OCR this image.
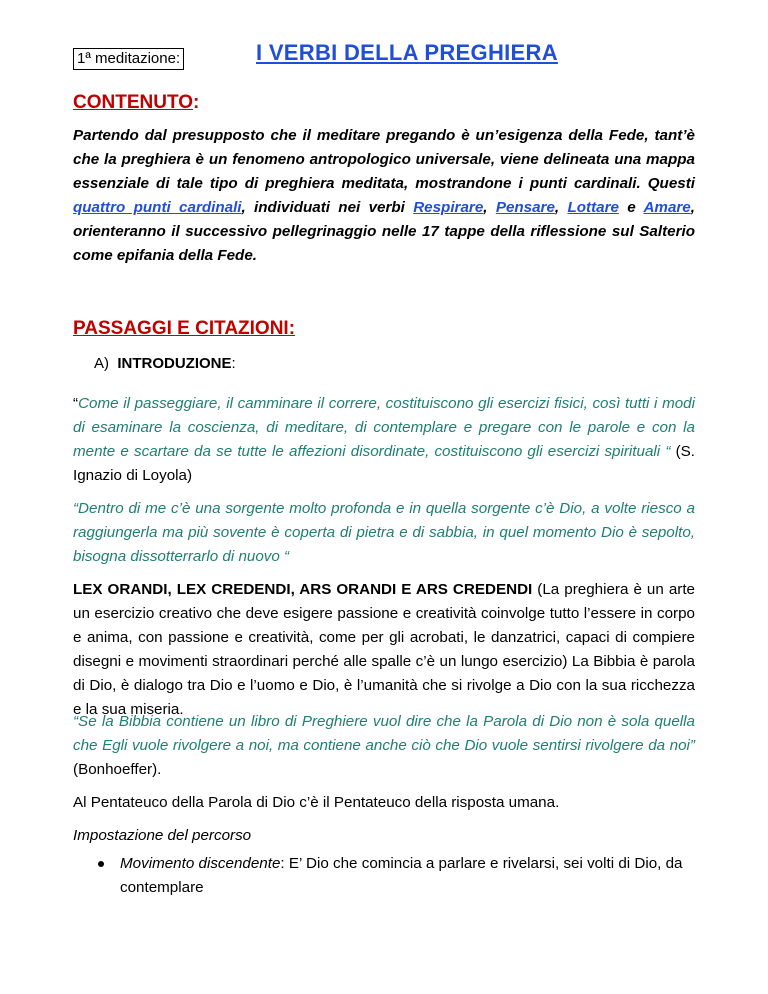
1ª meditazione:	I VERBI DELLA PREGHIERA
CONTENUTO:
Partendo dal presupposto che il meditare pregando è un’esigenza della Fede, tant’è che la preghiera è un fenomeno antropologico universale, viene delineata una mappa essenziale di tale tipo di preghiera meditata, mostrandone i punti cardinali. Questi quattro punti cardinali, individuati nei verbi Respirare, Pensare, Lottare e Amare, orienteranno il successivo pellegrinaggio nelle 17 tappe della riflessione sul Salterio come epifania della Fede.
PASSAGGI E CITAZIONI:
A) INTRODUZIONE:
“Come il passeggiare, il camminare il correre, costituiscono gli esercizi fisici, così tutti i modi di esaminare la coscienza, di meditare, di contemplare e pregare con le parole e con la mente e scartare da se tutte le affezioni disordinate, costituiscono gli esercizi spirituali “ (S. Ignazio di Loyola)
“Dentro di me c’è una sorgente molto profonda e in quella sorgente c’è Dio, a volte riesco a raggiungerla ma più sovente è coperta di pietra e di sabbia, in quel momento Dio è sepolto, bisogna dissotterrarlo di nuovo “
LEX ORANDI, LEX CREDENDI, ARS ORANDI E ARS CREDENDI (La preghiera è un arte un esercizio creativo che deve esigere passione e creatività coinvolge tutto l’essere in corpo e anima, con passione e creatività, come per gli acrobati, le danzatrici, capaci di compiere disegni e movimenti straordinari perché alle spalle c’è un lungo esercizio) La Bibbia è parola di Dio, è dialogo tra Dio e l’uomo e Dio, è l’umanità che si rivolge a Dio con la sua ricchezza e la sua miseria.
“Se la Bibbia contiene un libro di Preghiere vuol dire che la Parola di Dio non è sola quella che Egli vuole rivolgere a noi, ma contiene anche ciò che Dio vuole sentirsi rivolgere da noi” (Bonhoeffer).
Al Pentateuco della Parola di Dio c’è il Pentateuco della risposta umana.
Impostazione del percorso
Movimento discendente: E’ Dio che comincia a parlare e rivelarsi, sei volti di Dio, da contemplare
